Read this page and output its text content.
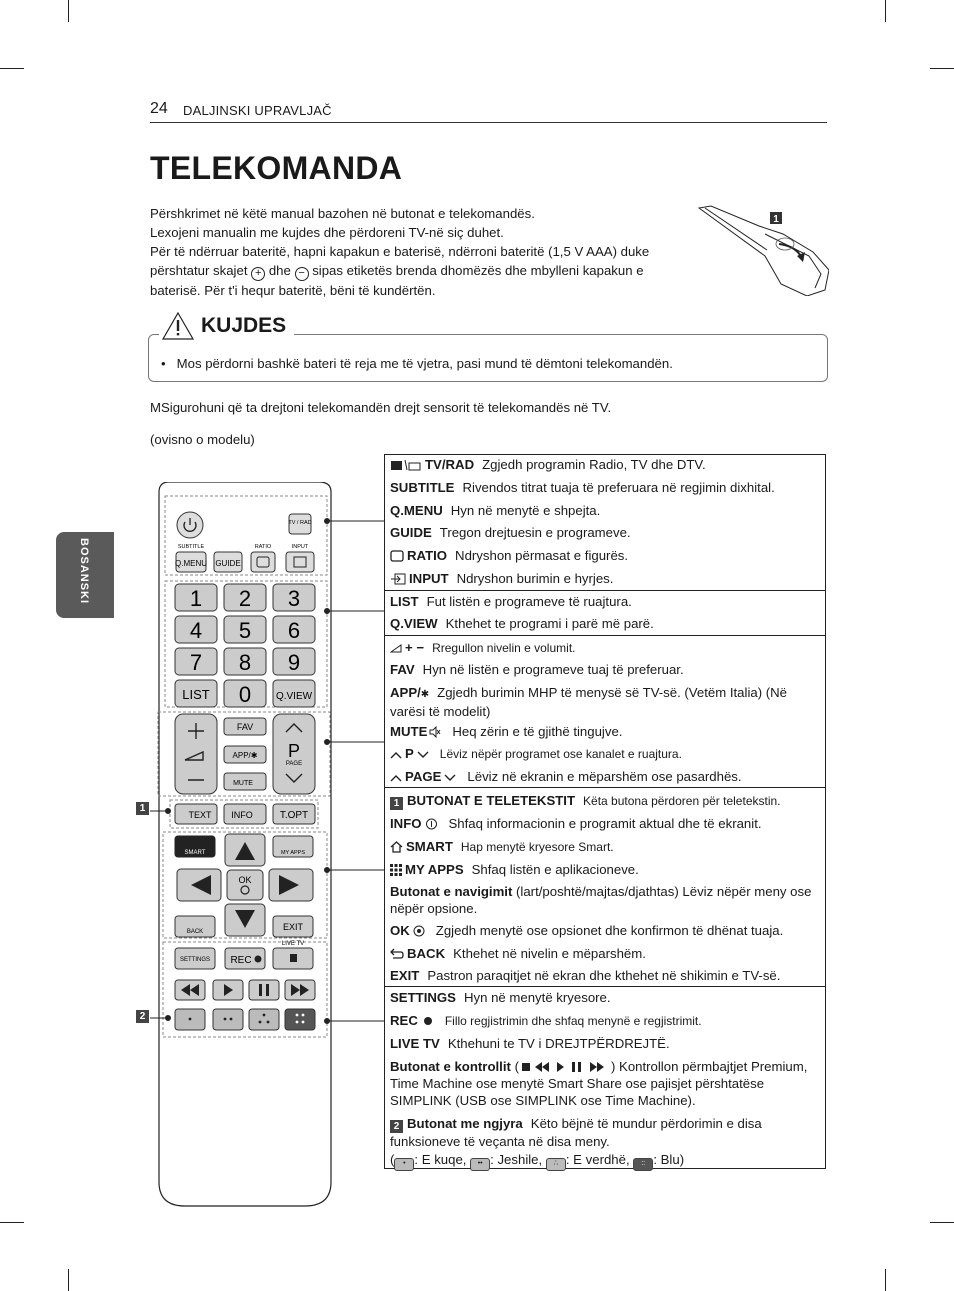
24 DALJINSKI UPRAVLJAČ
BOSANSKI
TELEKOMANDA

Përshkrimet në këtë manual bazohen në butonat e telekomandës.

Lexojeni manualin me kujdes dhe përdoreni TV-në siç duhet.

Për të ndërruar bateritë, hapni kapakun e baterisë, ndërroni bateritë (1,5 V AAA) duke përshtatur skajet + dhe − sipas etiketës brenda dhomëzës dhe mbylleni kapakun e baterisë. Për t'i hequr bateritë, bëni të kundërtën.

1
KUJDES
• Mos përdorni bashkë bateri të reja me të vjetra, pasi mund të dëmtoni telekomandën.
MSigurohuni që ta drejtoni telekomandën drejt sensorit të telekomandës në TV.
(ovisno o modelu)
TV / RAD
SUBTITLE	RATIO	INPUT
Q.MENU GUIDE
1 2 3
4 5 6
7 8 9
LIST 0 Q.VIEW
FAV
APP/✱
MUTE
P
PAGE
TEXT INFO	T.OPT
SMART	MY APPS
OK
BACK	EXIT
SETTINGS REC
LIVE TV
1
2
TV/RAD Zgjedh programin Radio, TV dhe DTV.
SUBTITLE Rivendos titrat tuaja të preferuara në regjimin dixhital.
Q.MENU Hyn në menytë e shpejta.
GUIDE Tregon drejtuesin e programeve.
RATIO Ndryshon përmasat e figurës.
INPUT Ndryshon burimin e hyrjes.
LIST Fut listën e programeve të ruajtura.
Q.VIEW Kthehet te programi i parë më parë.
+ − Rregullon nivelin e volumit.
FAV Hyn në listën e programeve tuaj të preferuar.
APP/✱ Zgjedh burimin MHP të menysë së TV-së. (Vetëm Italia) (Në varësi të modelit)
MUTE Heq zërin e të gjithë tingujve.
P Lëviz nëpër programet ose kanalet e ruajtura.
PAGE Lëviz në ekranin e mëparshëm ose pasardhës.
1 BUTONAT E TELETEKSTIT Këta butona përdoren për teletekstin.
INFO Shfaq informacionin e programit aktual dhe të ekranit.
SMART Hap menytë kryesore Smart.
MY APPS Shfaq listën e aplikacioneve.
Butonat e navigimit (lart/poshtë/majtas/djathtas) Lëviz nëpër meny ose nëpër opsione.
OK Zgjedh menytë ose opsionet dhe konfirmon të dhënat tuaja.
BACK Kthehet në nivelin e mëparshëm.
EXIT Pastron paraqitjet në ekran dhe kthehet në shikimin e TV-së.
SETTINGS Hyn në menytë kryesore.
REC Fillo regjistrimin dhe shfaq menynë e regjistrimit.
LIVE TV Kthehuni te TV i DREJTPËRDREJTË.
Butonat e kontrollit (	) Kontrollon përmbajtjet Premium, Time Machine ose menytë Smart Share ose pajisjet përshtatëse SIMPLINK (USB ose SIMPLINK ose Time Machine).
2 Butonat me ngjyra Këto bëjnë të mundur përdorimin e disa funksioneve të veçanta në disa meny.
( • : E kuqe, •• : Jeshile, ∴ : E verdhë, :: : Blu)
